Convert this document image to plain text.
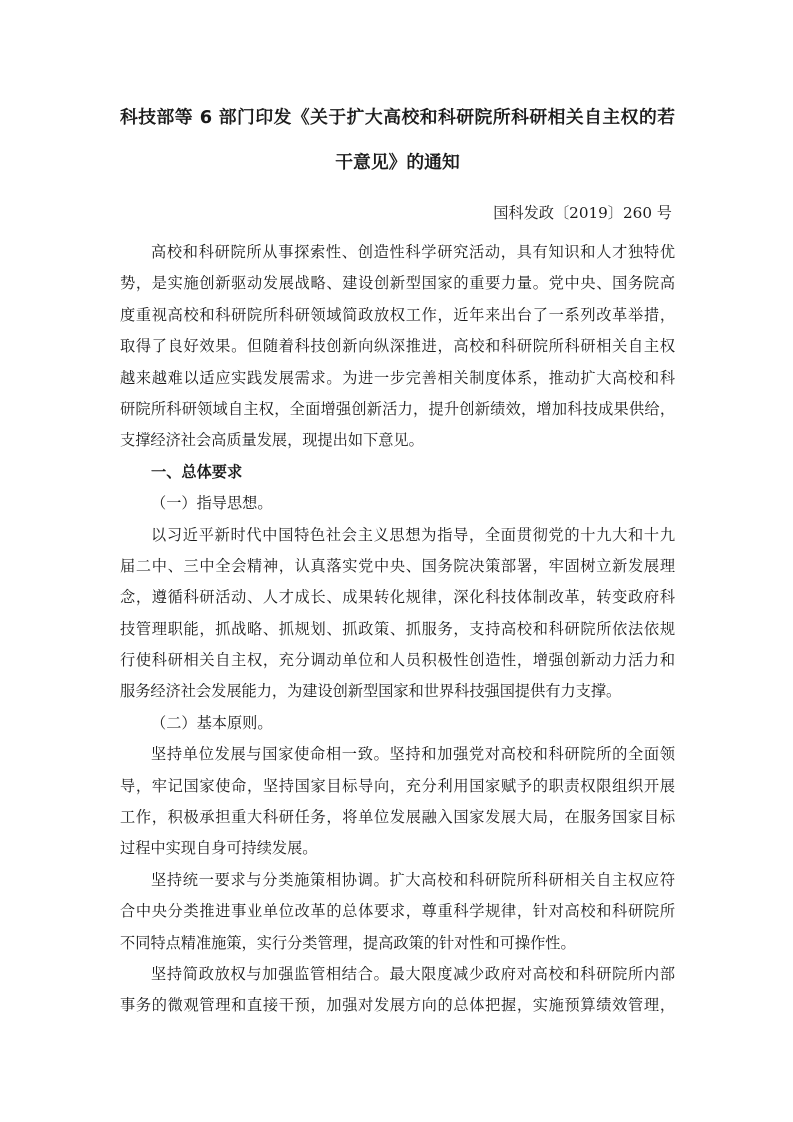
科技部等 6 部门印发《关于扩大高校和科研院所科研相关自主权的若
干意见》的通知
国科发政〔2019〕260 号
高校和科研院所从事探索性、创造性科学研究活动，具有知识和人才独特优
势，是实施创新驱动发展战略、建设创新型国家的重要力量。党中央、国务院高
度重视高校和科研院所科研领域简政放权工作，近年来出台了一系列改革举措，
取得了良好效果。但随着科技创新向纵深推进，高校和科研院所科研相关自主权
越来越难以适应实践发展需求。为进一步完善相关制度体系，推动扩大高校和科
研院所科研领域自主权，全面增强创新活力，提升创新绩效，增加科技成果供给，
支撑经济社会高质量发展，现提出如下意见。
一、总体要求
（一）指导思想。
以习近平新时代中国特色社会主义思想为指导，全面贯彻党的十九大和十九
届二中、三中全会精神，认真落实党中央、国务院决策部署，牢固树立新发展理
念，遵循科研活动、人才成长、成果转化规律，深化科技体制改革，转变政府科
技管理职能，抓战略、抓规划、抓政策、抓服务，支持高校和科研院所依法依规
行使科研相关自主权，充分调动单位和人员积极性创造性，增强创新动力活力和
服务经济社会发展能力，为建设创新型国家和世界科技强国提供有力支撑。
（二）基本原则。
坚持单位发展与国家使命相一致。坚持和加强党对高校和科研院所的全面领
导，牢记国家使命，坚持国家目标导向，充分利用国家赋予的职责权限组织开展
工作，积极承担重大科研任务，将单位发展融入国家发展大局，在服务国家目标
过程中实现自身可持续发展。
坚持统一要求与分类施策相协调。扩大高校和科研院所科研相关自主权应符
合中央分类推进事业单位改革的总体要求，尊重科学规律，针对高校和科研院所
不同特点精准施策，实行分类管理，提高政策的针对性和可操作性。
坚持简政放权与加强监管相结合。最大限度减少政府对高校和科研院所内部
事务的微观管理和直接干预，加强对发展方向的总体把握，实施预算绩效管理，
